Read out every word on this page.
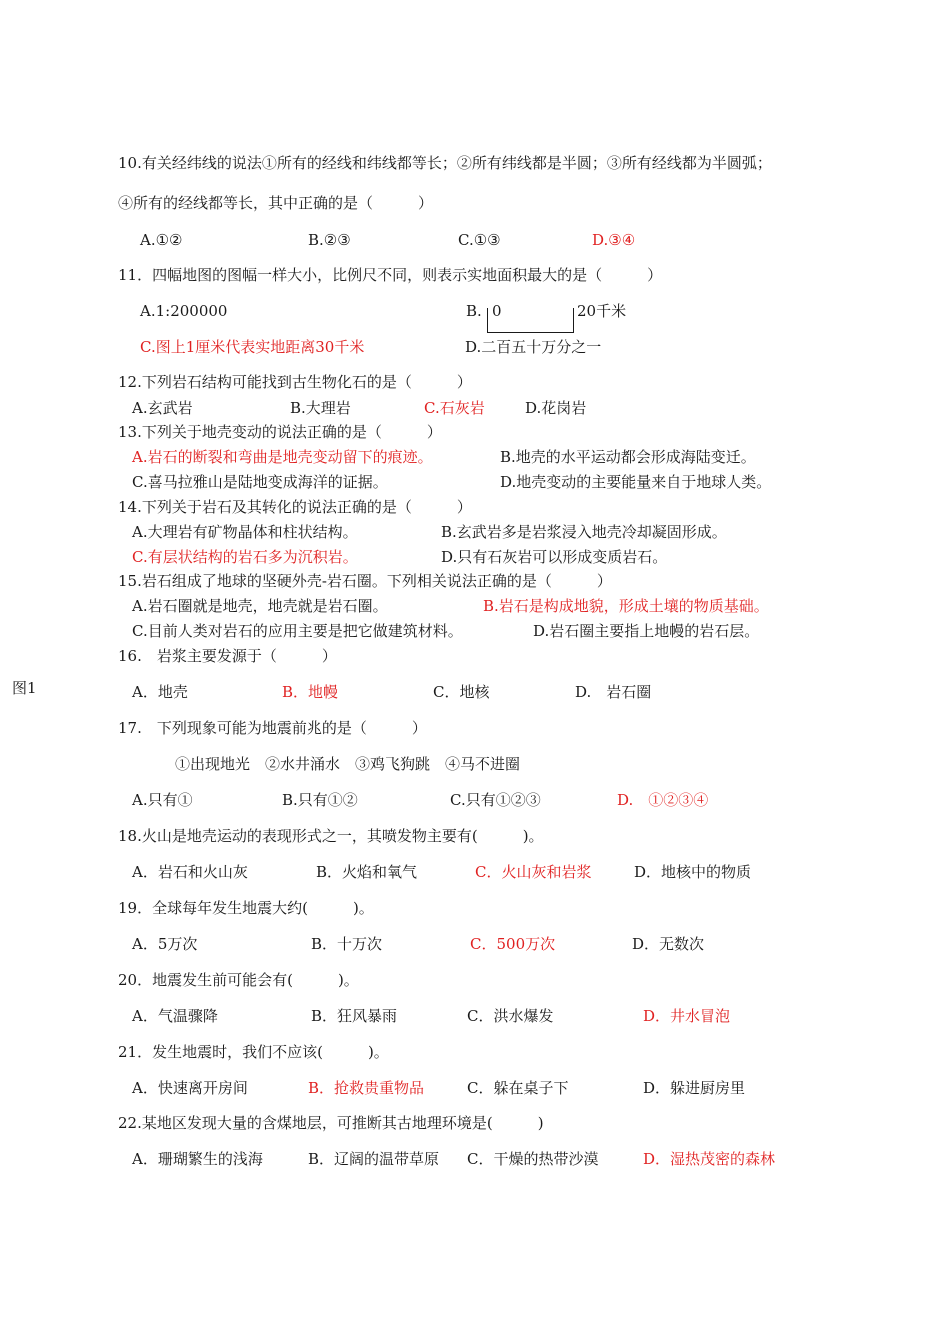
10.有关经纬线的说法①所有的经线和纬线都等长；②所有纬线都是半圆；③所有经线都为半圆弧；
④所有的经线都等长，其中正确的是（　　　）
A.①②	B.②③	C.①③	D.③④
11．四幅地图的图幅一样大小，比例尺不同，则表示实地面积最大的是（　　　）
A.1:200000	B. 0	20千米
C.图上1厘米代表实地距离30千米	D.二百五十万分之一
12.下列岩石结构可能找到古生物化石的是（　　　）
A.玄武岩	B.大理岩	C.石灰岩	D.花岗岩
13.下列关于地壳变动的说法正确的是（　　　）
A.岩石的断裂和弯曲是地壳变动留下的痕迹。	B.地壳的水平运动都会形成海陆变迁。
C.喜马拉雅山是陆地变成海洋的证据。	D.地壳变动的主要能量来自于地球人类。
14.下列关于岩石及其转化的说法正确的是（　　　）
A.大理岩有矿物晶体和柱状结构。	B.玄武岩多是岩浆浸入地壳冷却凝固形成。
C.有层状结构的岩石多为沉积岩。	D.只有石灰岩可以形成变质岩石。
15.岩石组成了地球的坚硬外壳-岩石圈。下列相关说法正确的是（　　　）
A.岩石圈就是地壳，地壳就是岩石圈。	B.岩石是构成地貌，形成土壤的物质基础。
C.目前人类对岩石的应用主要是把它做建筑材料。	D.岩石圈主要指上地幔的岩石层。
16.　岩浆主要发源于（　　　）
图1	A．地壳	B．地幔	C．地核	D.　岩石圈
17.　下列现象可能为地震前兆的是（　　　）
①出现地光　②水井涌水　③鸡飞狗跳　④马不进圈
A.只有①	B.只有①②	C.只有①②③	D.　①②③④
18.火山是地壳运动的表现形式之一，其喷发物主要有(　　　)。
A．岩石和火山灰	B．火焰和氧气	C．火山灰和岩浆	D．地核中的物质
19．全球每年发生地震大约(　　　)。
A．5万次	B．十万次	C．500万次	D．无数次
20．地震发生前可能会有(　　　)。
A．气温骤降	B．狂风暴雨	C．洪水爆发	D．井水冒泡
21．发生地震时，我们不应该(　　　)。
A．快速离开房间	B．抢救贵重物品	C．躲在桌子下	D．躲进厨房里
22.某地区发现大量的含煤地层，可推断其古地理环境是(　　　)
A．珊瑚繁生的浅海	B．辽阔的温带草原 C．干燥的热带沙漠	D．湿热茂密的森林
